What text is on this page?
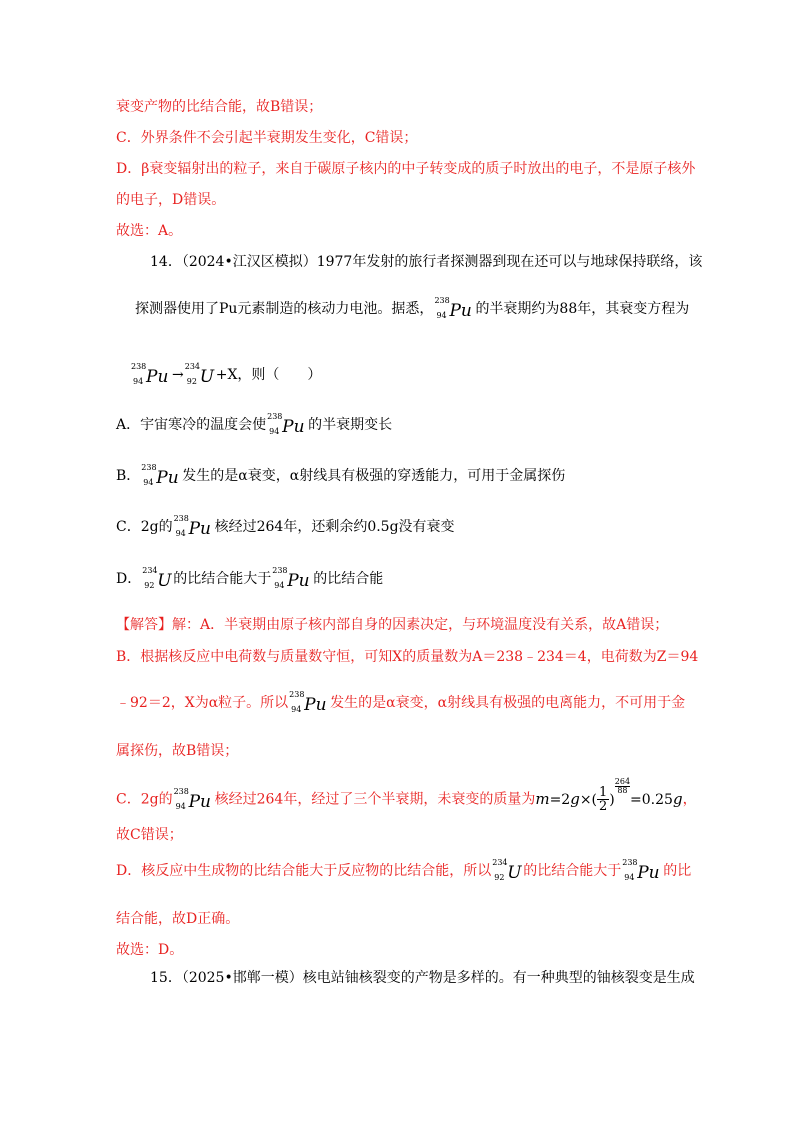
衰变产物的比结合能，故B错误；
C．外界条件不会引起半衰期发生变化，C错误；
D．β衰变辐射出的粒子，来自于碳原子核内的中子转变成的质子时放出的电子，不是原子核外
的电子，D错误。
故选：A。
14．（2024•江汉区模拟）1977年发射的旅行者探测器到现在还可以与地球保持联络，该
探测器使用了Pu元素制造的核动力电池。据悉，
238
94 Pu 的半衰期约为88年，其衰变方程为
238
94 Pu →
234
92 U +X，则（　　）
A．宇宙寒冷的温度会使
238
94 Pu 的半衰期变长
B．
238
94 Pu 发生的是α衰变，α射线具有极强的穿透能力，可用于金属探伤
C．2g的
238
94 Pu 核经过264年，还剩余约0.5g没有衰变
D．
234
92 U 的比结合能大于
238
94 Pu 的比结合能
【解答】解：A．半衰期由原子核内部自身的因素决定，与环境温度没有关系，故A错误；
B．根据核反应中电荷数与质量数守恒，可知X的质量数为A＝238﹣234＝4，电荷数为Z＝94
﹣92＝2，X为α粒子。所以
238
94 Pu 发生的是α衰变，α射线具有极强的电离能力，不可用于金
属探伤，故B错误；
C．2g的
238
94 Pu 核经过264年，经过了三个半衰期，未衰变的质量为$m=2g\times( \frac{1}{2}$ )
$\frac{264}{88}=0.25g$，
故C错误；
D．核反应中生成物的比结合能大于反应物的比结合能，所以
234
92 U 的比结合能大于
238
94 Pu 的比
结合能，故D正确。
故选：D。
15．（2025•邯郸一模）核电站铀核裂变的产物是多样的。有一种典型的铀核裂变是生成
